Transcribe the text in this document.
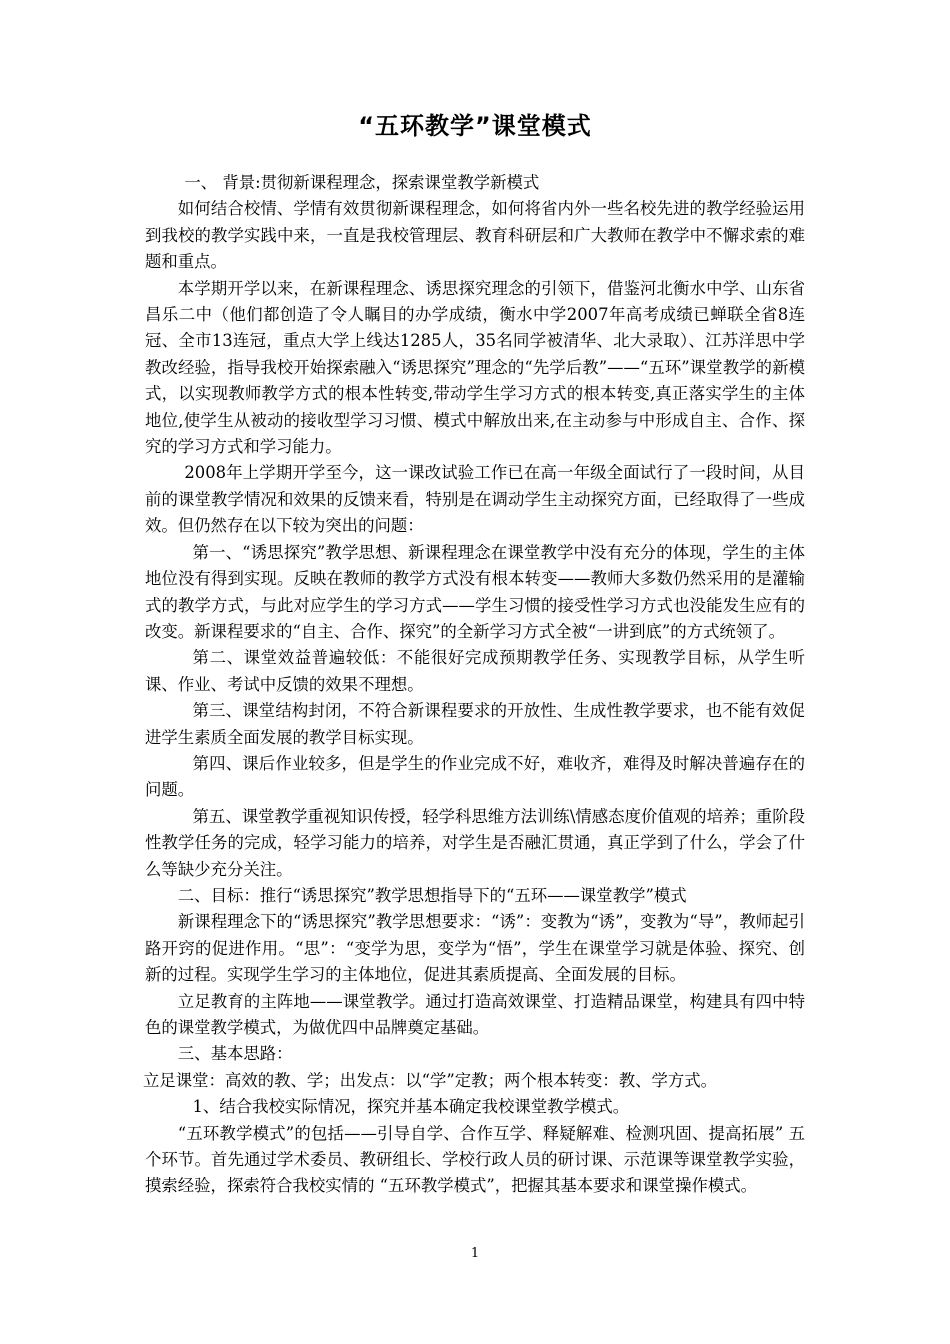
“五环教学”课堂模式

一、 背景:贯彻新课程理念，探索课堂教学新模式

如何结合校情、学情有效贯彻新课程理念，如何将省内外一些名校先进的教学经验运用到我校的教学实践中来，一直是我校管理层、教育科研层和广大教师在教学中不懈求索的难题和重点。

本学期开学以来，在新课程理念、诱思探究理念的引领下，借鉴河北衡水中学、山东省昌乐二中（他们都创造了令人瞩目的办学成绩，衡水中学2007年高考成绩已蝉联全省8连冠、全市13连冠，重点大学上线达1285人，35名同学被清华、北大录取）、江苏洋思中学教改经验，指导我校开始探索融入“诱思探究”理念的“先学后教”——“五环”课堂教学的新模式，以实现教师教学方式的根本性转变,带动学生学习方式的根本转变,真正落实学生的主体地位,使学生从被动的接收型学习习惯、模式中解放出来,在主动参与中形成自主、合作、探究的学习方式和学习能力。

2008年上学期开学至今，这一课改试验工作已在高一年级全面试行了一段时间，从目前的课堂教学情况和效果的反馈来看，特别是在调动学生主动探究方面，已经取得了一些成效。但仍然存在以下较为突出的问题：

第一、“诱思探究”教学思想、新课程理念在课堂教学中没有充分的体现，学生的主体地位没有得到实现。反映在教师的教学方式没有根本转变——教师大多数仍然采用的是灌输式的教学方式，与此对应学生的学习方式——学生习惯的接受性学习方式也没能发生应有的改变。新课程要求的“自主、合作、探究”的全新学习方式全被“一讲到底”的方式统领了。

第二、课堂效益普遍较低：不能很好完成预期教学任务、实现教学目标，从学生听课、作业、考试中反馈的效果不理想。

第三、课堂结构封闭，不符合新课程要求的开放性、生成性教学要求，也不能有效促进学生素质全面发展的教学目标实现。

第四、课后作业较多，但是学生的作业完成不好，难收齐，难得及时解决普遍存在的问题。

第五、课堂教学重视知识传授，轻学科思维方法训练\情感态度价值观的培养；重阶段性教学任务的完成，轻学习能力的培养，对学生是否融汇贯通，真正学到了什么，学会了什么等缺少充分关注。

二、目标：推行“诱思探究”教学思想指导下的“五环——课堂教学”模式

新课程理念下的“诱思探究”教学思想要求：“诱”：变教为“诱”，变教为“导”，教师起引路开窍的促进作用。“思”：“变学为思，变学为“悟”，学生在课堂学习就是体验、探究、创新的过程。实现学生学习的主体地位，促进其素质提高、全面发展的目标。

立足教育的主阵地——课堂教学。通过打造高效课堂、打造精品课堂，构建具有四中特色的课堂教学模式，为做优四中品牌奠定基础。

三、基本思路：

立足课堂：高效的教、学；出发点：以“学”定教；两个根本转变：教、学方式。

1、结合我校实际情况，探究并基本确定我校课堂教学模式。

“五环教学模式”的包括——引导自学、合作互学、释疑解难、检测巩固、提高拓展” 五个环节。首先通过学术委员、教研组长、学校行政人员的研讨课、示范课等课堂教学实验，摸索经验，探索符合我校实情的 “五环教学模式”，把握其基本要求和课堂操作模式。

1
